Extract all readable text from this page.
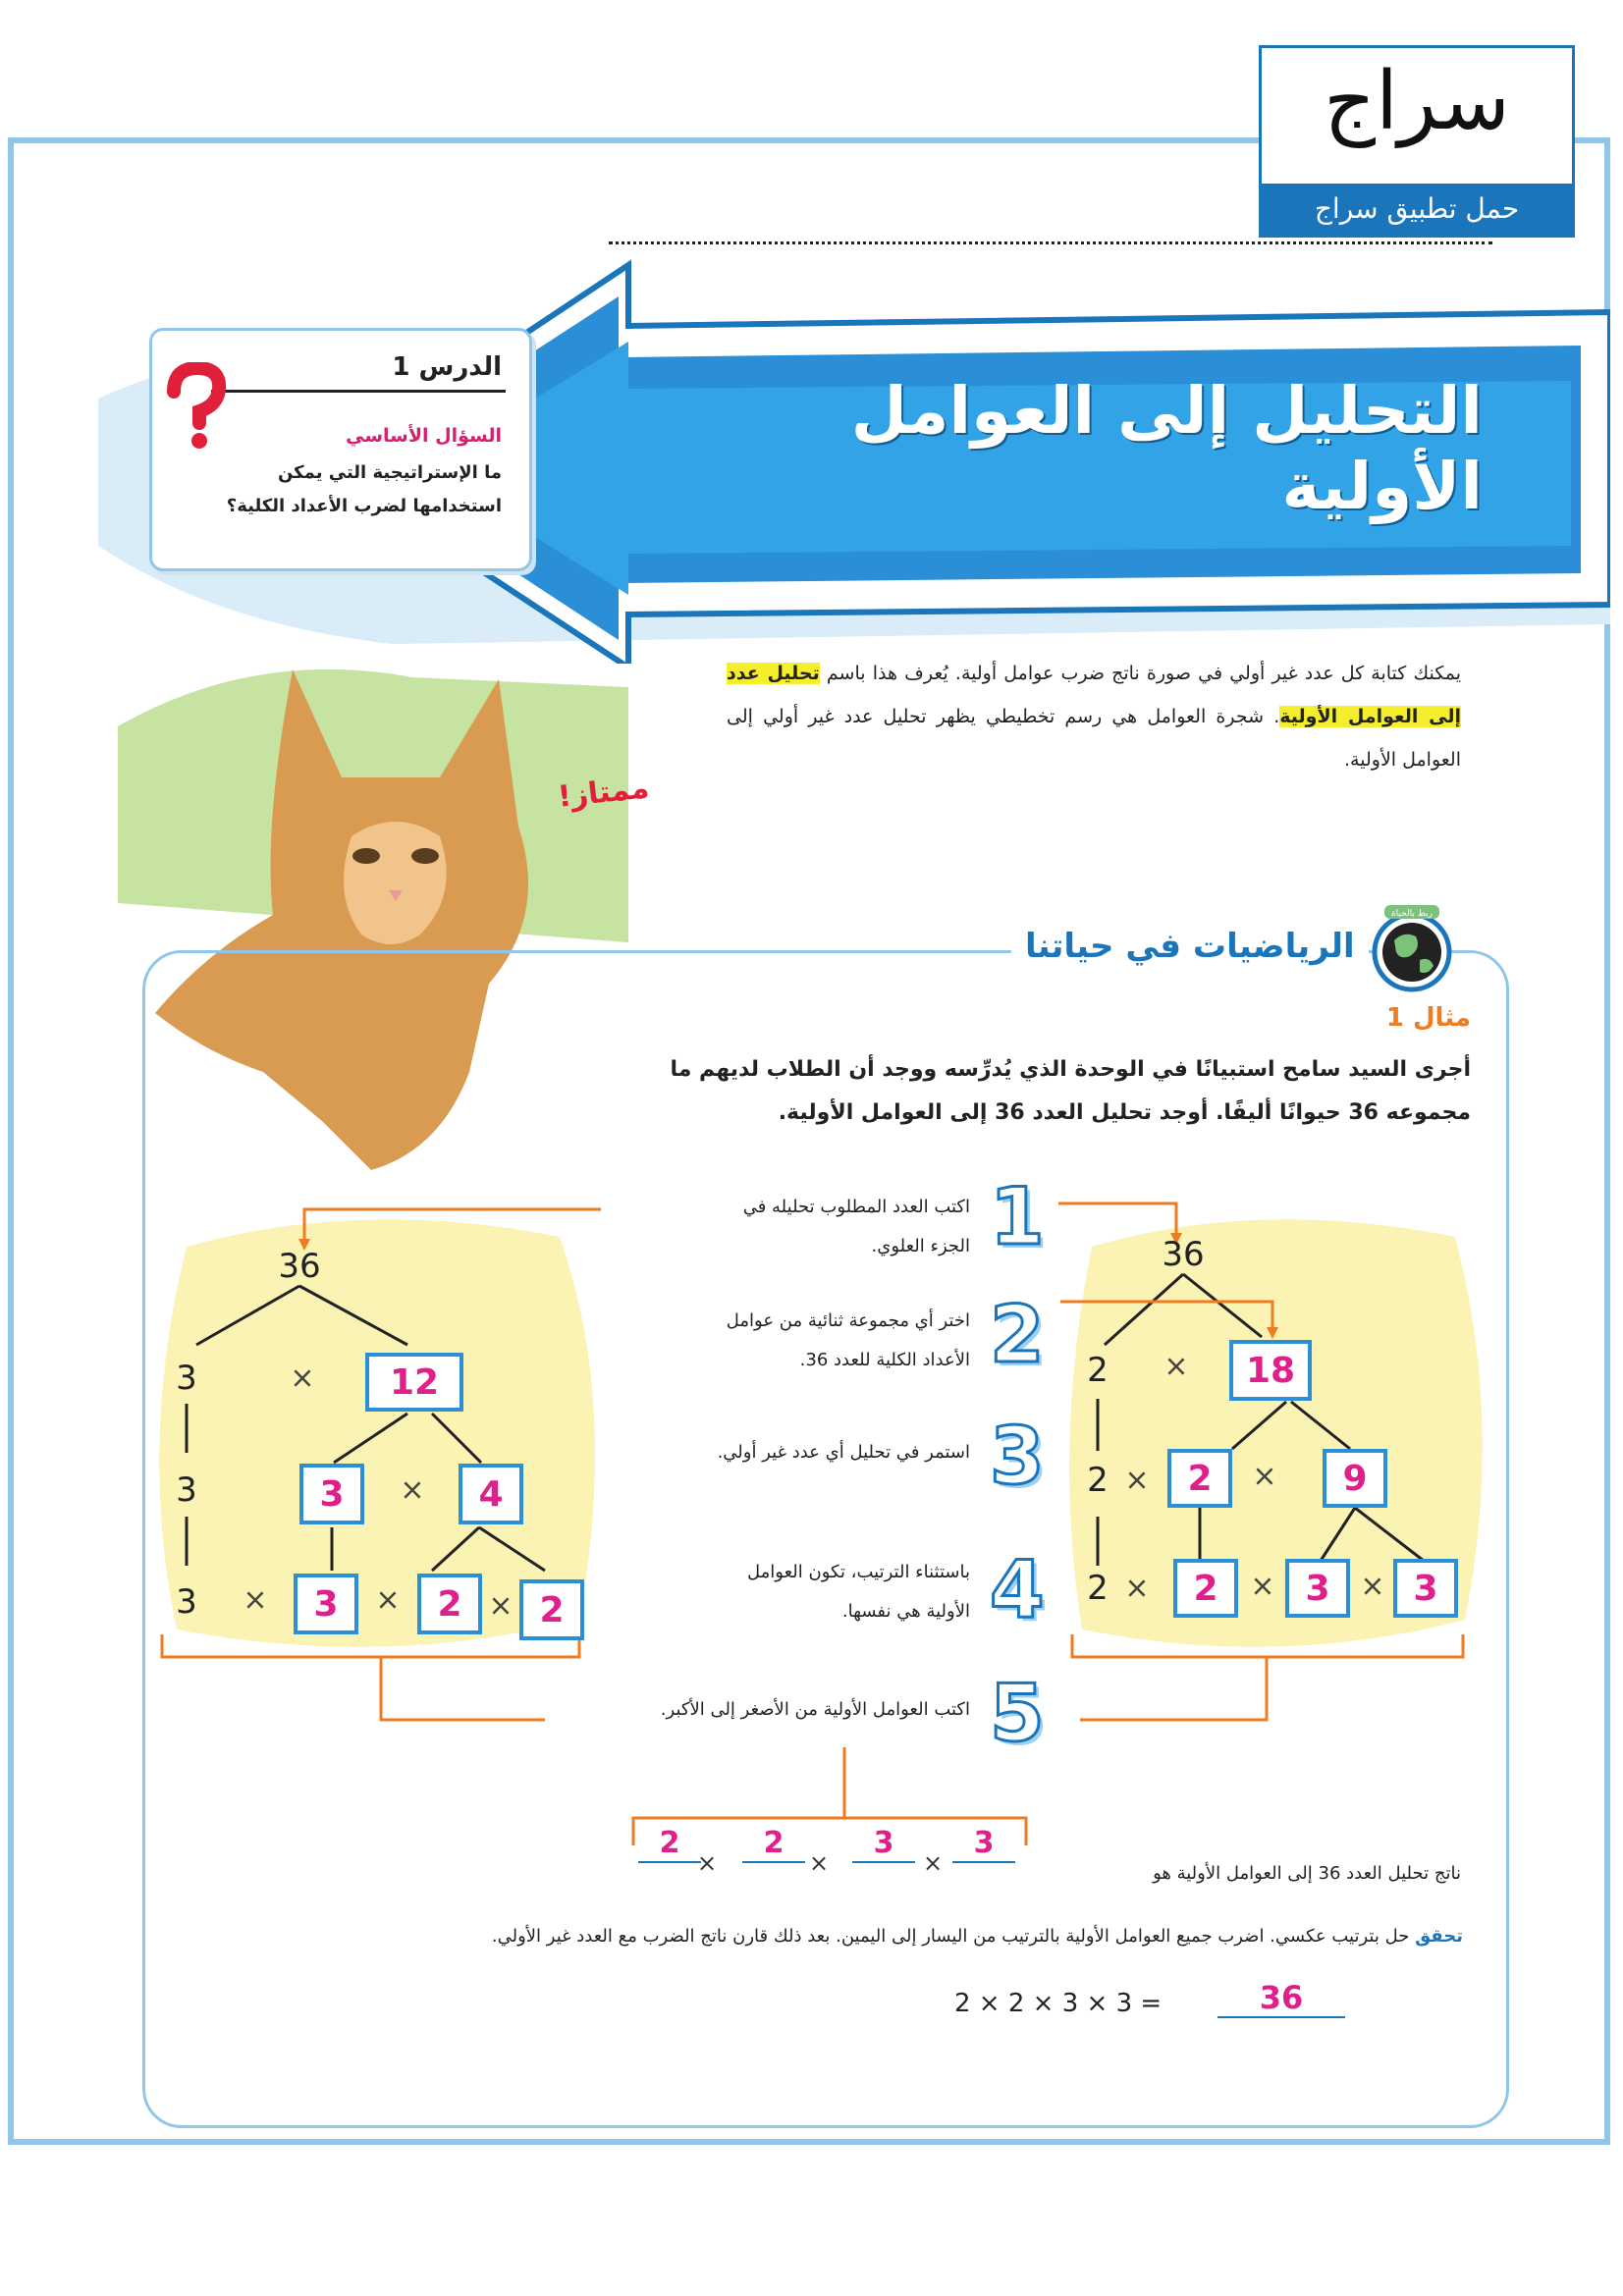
سراج
حمل تطبيق سراج
التحليل إلى العوامل الأولية
الدرس 1
السؤال الأساسي
ما الإستراتيجية التي يمكن استخدامها لضرب الأعداد الكلية؟
يمكنك كتابة كل عدد غير أولي في صورة ناتج ضرب عوامل أولية. يُعرف هذا باسم تحليل عدد إلى العوامل الأولية. شجرة العوامل هي رسم تخطيطي يظهر تحليل عدد غير أولي إلى العوامل الأولية.
ممتاز!
الرياضيات في حياتنا
ربط بالحياة
مثال 1
أجرى السيد سامح استبيانًا في الوحدة الذي يُدرِّسه ووجد أن الطلاب لديهم ما مجموعه 36 حيوانًا أليفًا. أوجد تحليل العدد 36 إلى العوامل الأولية.
36
3	×	12
3	3	×	4
3 ×	3	×	2 × 2
36
2 ×	18
2 ×	2	×	9
2 ×	2	× 3	× 3
1
اكتب العدد المطلوب تحليله في الجزء العلوي.
2
اختر أي مجموعة ثنائية من عوامل الأعداد الكلية للعدد 36.
3
استمر في تحليل أي عدد غير أولي.
4
باستثناء الترتيب، تكون العوامل الأولية هي نفسها.
5
اكتب العوامل الأولية من الأصغر إلى الأكبر.
ناتج تحليل العدد 36 إلى العوامل الأولية هو
3
×
3
×
2
×
2
تحقق حل بترتيب عكسي. اضرب جميع العوامل الأولية بالترتيب من اليسار إلى اليمين. بعد ذلك قارن ناتج الضرب مع العدد غير الأولي.
2 × 2 × 3 × 3 =	36
